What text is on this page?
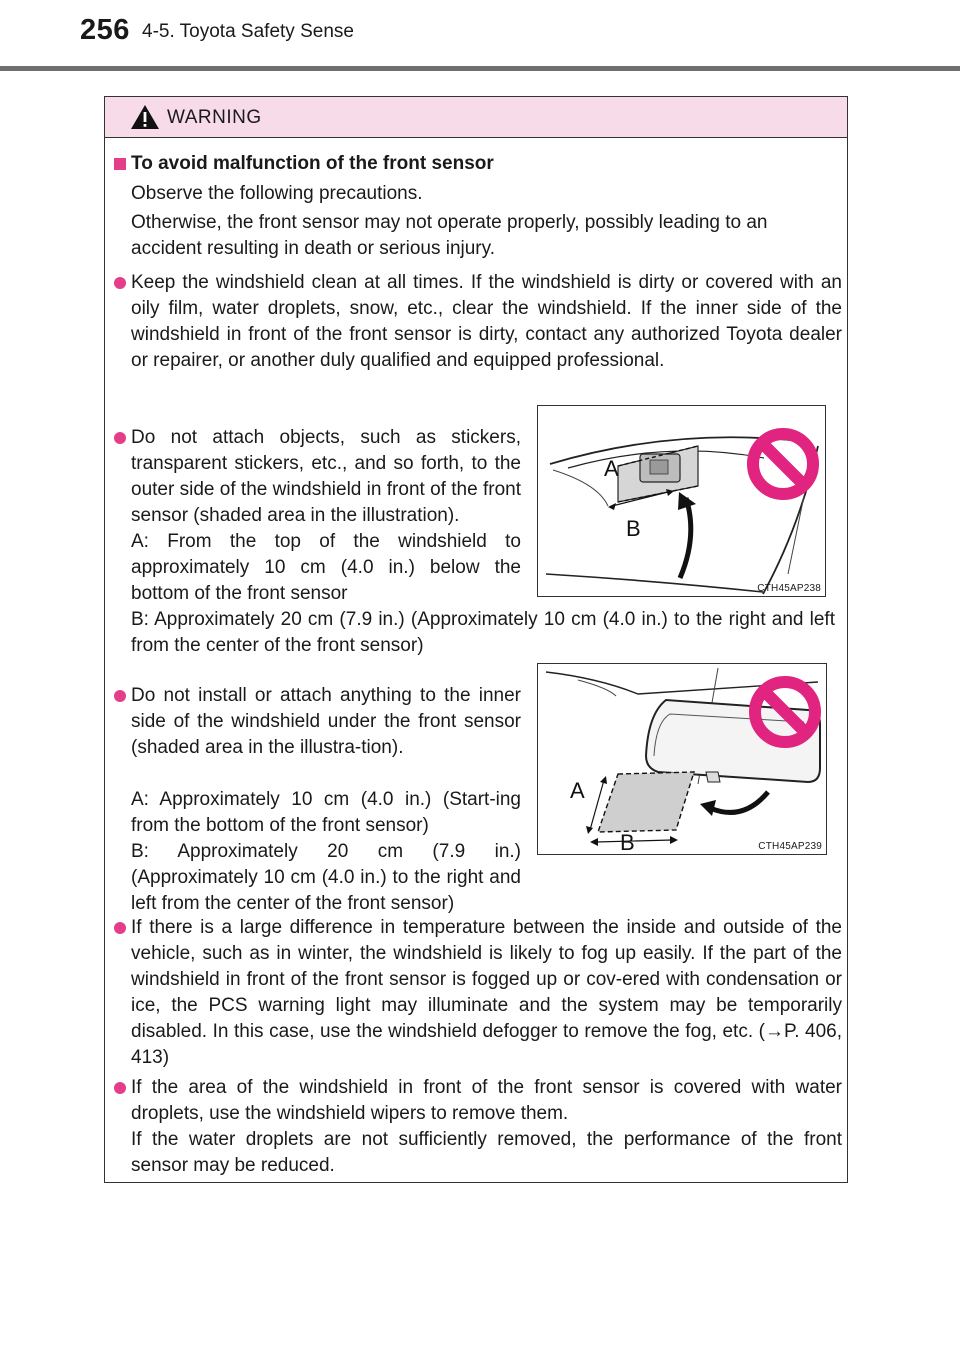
256 4-5. Toyota Safety Sense
WARNING
To avoid malfunction of the front sensor
Observe the following precautions.
Otherwise, the front sensor may not operate properly, possibly leading to an accident resulting in death or serious injury.
Keep the windshield clean at all times. If the windshield is dirty or covered with an oily film, water droplets, snow, etc., clear the windshield. If the inner side of the windshield in front of the front sensor is dirty, contact any authorized Toyota dealer or repairer, or another duly qualified and equipped professional.
Do not attach objects, such as stickers, transparent stickers, etc., and so forth, to the outer side of the windshield in front of the front sensor (shaded area in the illustration).
A: From the top of the windshield to approximately 10 cm (4.0 in.) below the bottom of the front sensor
B: Approximately 20 cm (7.9 in.) (Approximately 10 cm (4.0 in.) to the right and left from the center of the front sensor)
A
B
CTH45AP238
Do not install or attach anything to the inner side of the windshield under the front sensor (shaded area in the illustra-tion).
A: Approximately 10 cm (4.0 in.) (Start-ing from the bottom of the front sensor)
B: Approximately 20 cm (7.9 in.) (Approximately 10 cm (4.0 in.) to the right and left from the center of the front sensor)
A
B	CTH45AP239
If there is a large difference in temperature between the inside and outside of the vehicle, such as in winter, the windshield is likely to fog up easily. If the part of the windshield in front of the front sensor is fogged up or cov-ered with condensation or ice, the PCS warning light may illuminate and the system may be temporarily disabled. In this case, use the windshield defogger to remove the fog, etc. (→P. 406, 413)
If the area of the windshield in front of the front sensor is covered with water droplets, use the windshield wipers to remove them.
If the water droplets are not sufficiently removed, the performance of the front sensor may be reduced.
